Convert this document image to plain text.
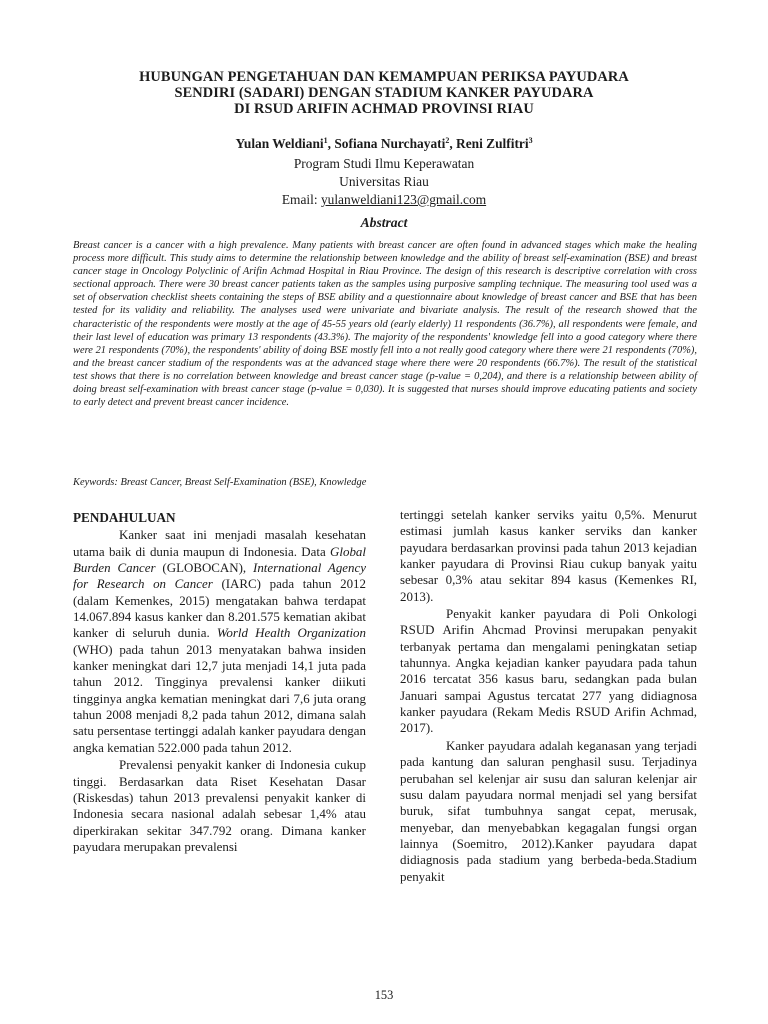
HUBUNGAN PENGETAHUAN DAN KEMAMPUAN PERIKSA PAYUDARA
SENDIRI (SADARI) DENGAN STADIUM KANKER PAYUDARA
DI RSUD ARIFIN ACHMAD PROVINSI RIAU
Yulan Weldiani$^1$, Sofiana Nurchayati$^2$, Reni Zulfitri$^3$
Program Studi Ilmu Keperawatan
Universitas Riau
Email: yulanweldiani123@gmail.com
Abstract

Breast cancer is a cancer with a high prevalence. Many patients with breast cancer are often found in advanced stages which make the healing process more difficult. This study aims to determine the relationship between knowledge and the ability of breast self-examination (BSE) and breast cancer stage in Oncology Polyclinic of Arifin Achmad Hospital in Riau Province. The design of this research is descriptive correlation with cross sectional approach. There were 30 breast cancer patients taken as the samples using purposive sampling technique. The measuring tool used was a set of observation checklist sheets containing the steps of BSE ability and a questionnaire about knowledge of breast cancer and BSE that has been tested for its validity and reliability. The analyses used were univariate and bivariate analysis. The result of the research showed that the characteristic of the respondents were mostly at the age of 45-55 years old (early elderly) 11 respondents (36.7%), all respondents were female, and their last level of education was primary 13 respondents (43.3%). The majority of the respondents' knowledge fell into a good category where there were 21 respondents (70%), the respondents' ability of doing BSE mostly fell into a not really good category where there were 21 respondents (70%), and the breast cancer stadium of the respondents was at the advanced stage where there were 20 respondents (66.7%). The result of the statistical test shows that there is no correlation between knowledge and breast cancer stage (p-value = 0,204), and there is a relationship between ability of doing breast self-examination with breast cancer stage (p-value = 0,030). It is suggested that nurses should improve educating patients and society to early detect and prevent breast cancer incidence.

Keywords: Breast Cancer, Breast Self-Examination (BSE), Knowledge

PENDAHULUAN

Kanker saat ini menjadi masalah kesehatan utama baik di dunia maupun di Indonesia. Data Global Burden Cancer (GLOBOCAN), International Agency for Research on Cancer (IARC) pada tahun 2012 (dalam Kemenkes, 2015) mengatakan bahwa terdapat 14.067.894 kasus kanker dan 8.201.575 kematian akibat kanker di seluruh dunia. World Health Organization (WHO) pada tahun 2013 menyatakan bahwa insiden kanker meningkat dari 12,7 juta menjadi 14,1 juta pada tahun 2012. Tingginya prevalensi kanker diikuti tingginya angka kematian meningkat dari 7,6 juta orang tahun 2008 menjadi 8,2 pada tahun 2012, dimana salah satu persentase tertinggi adalah kanker payudara dengan angka kematian 522.000 pada tahun 2012.

Prevalensi penyakit kanker di Indonesia cukup tinggi. Berdasarkan data Riset Kesehatan Dasar (Riskesdas) tahun 2013 prevalensi penyakit kanker di Indonesia secara nasional adalah sebesar 1,4% atau diperkirakan sekitar 347.792 orang. Dimana kanker payudara merupakan prevalensi

tertinggi setelah kanker serviks yaitu 0,5%. Menurut estimasi jumlah kasus kanker serviks dan kanker payudara berdasarkan provinsi pada tahun 2013 kejadian kanker payudara di Provinsi Riau cukup banyak yaitu sebesar 0,3% atau sekitar 894 kasus (Kemenkes RI, 2013).

Penyakit kanker payudara di Poli Onkologi RSUD Arifin Ahcmad Provinsi merupakan penyakit terbanyak pertama dan mengalami peningkatan setiap tahunnya. Angka kejadian kanker payudara pada tahun 2016 tercatat 356 kasus baru, sedangkan pada bulan Januari sampai Agustus tercatat 277 yang didiagnosa kanker payudara (Rekam Medis RSUD Arifin Achmad, 2017).

Kanker payudara adalah keganasan yang terjadi pada kantung dan saluran penghasil susu. Terjadinya perubahan sel kelenjar air susu dan saluran kelenjar air susu dalam payudara normal menjadi sel yang bersifat buruk, sifat tumbuhnya sangat cepat, merusak, menyebar, dan menyebabkan kegagalan fungsi organ lainnya (Soemitro, 2012).Kanker payudara dapat didiagnosis pada stadium yang berbeda-beda.Stadium penyakit

153
